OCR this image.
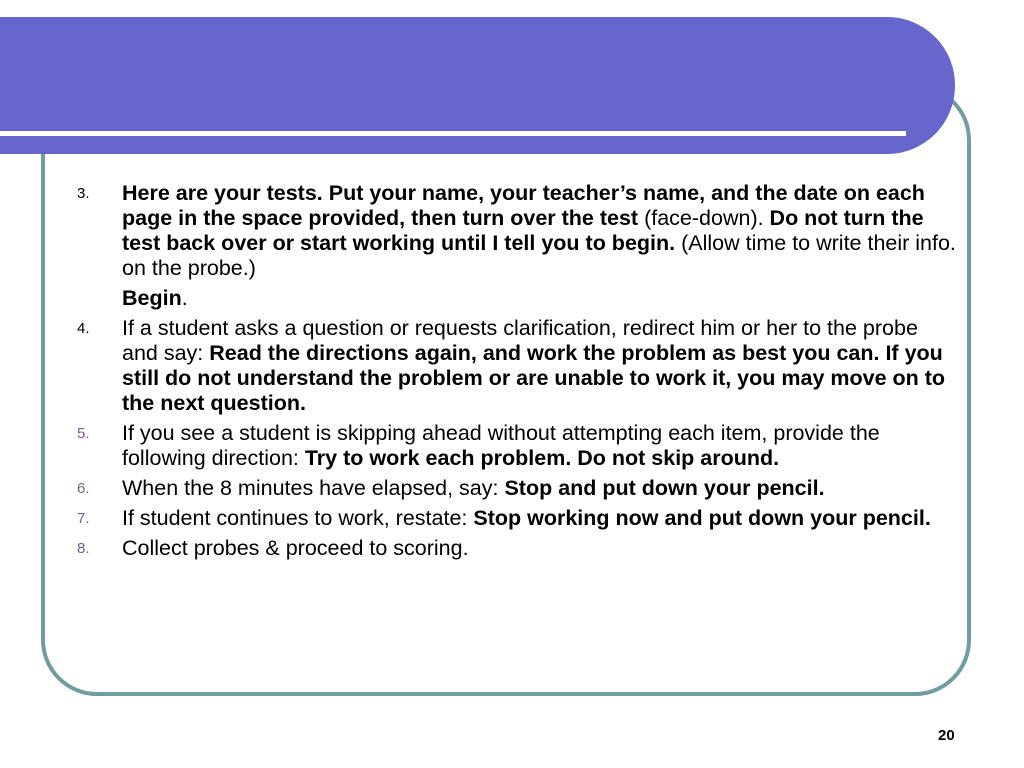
3. Here are your tests. Put your name, your teacher’s name, and the date on each page in the space provided, then turn over the test (face-down). Do not turn the test back over or start working until I tell you to begin. (Allow time to write their info. on the probe.)
Begin.
4. If a student asks a question or requests clarification, redirect him or her to the probe and say: Read the directions again, and work the problem as best you can. If you still do not understand the problem or are unable to work it, you may move on to the next question.
5. If you see a student is skipping ahead without attempting each item, provide the following direction: Try to work each problem. Do not skip around.
6. When the 8 minutes have elapsed, say: Stop and put down your pencil.
7. If student continues to work, restate: Stop working now and put down your pencil.
8. Collect probes & proceed to scoring.
20
